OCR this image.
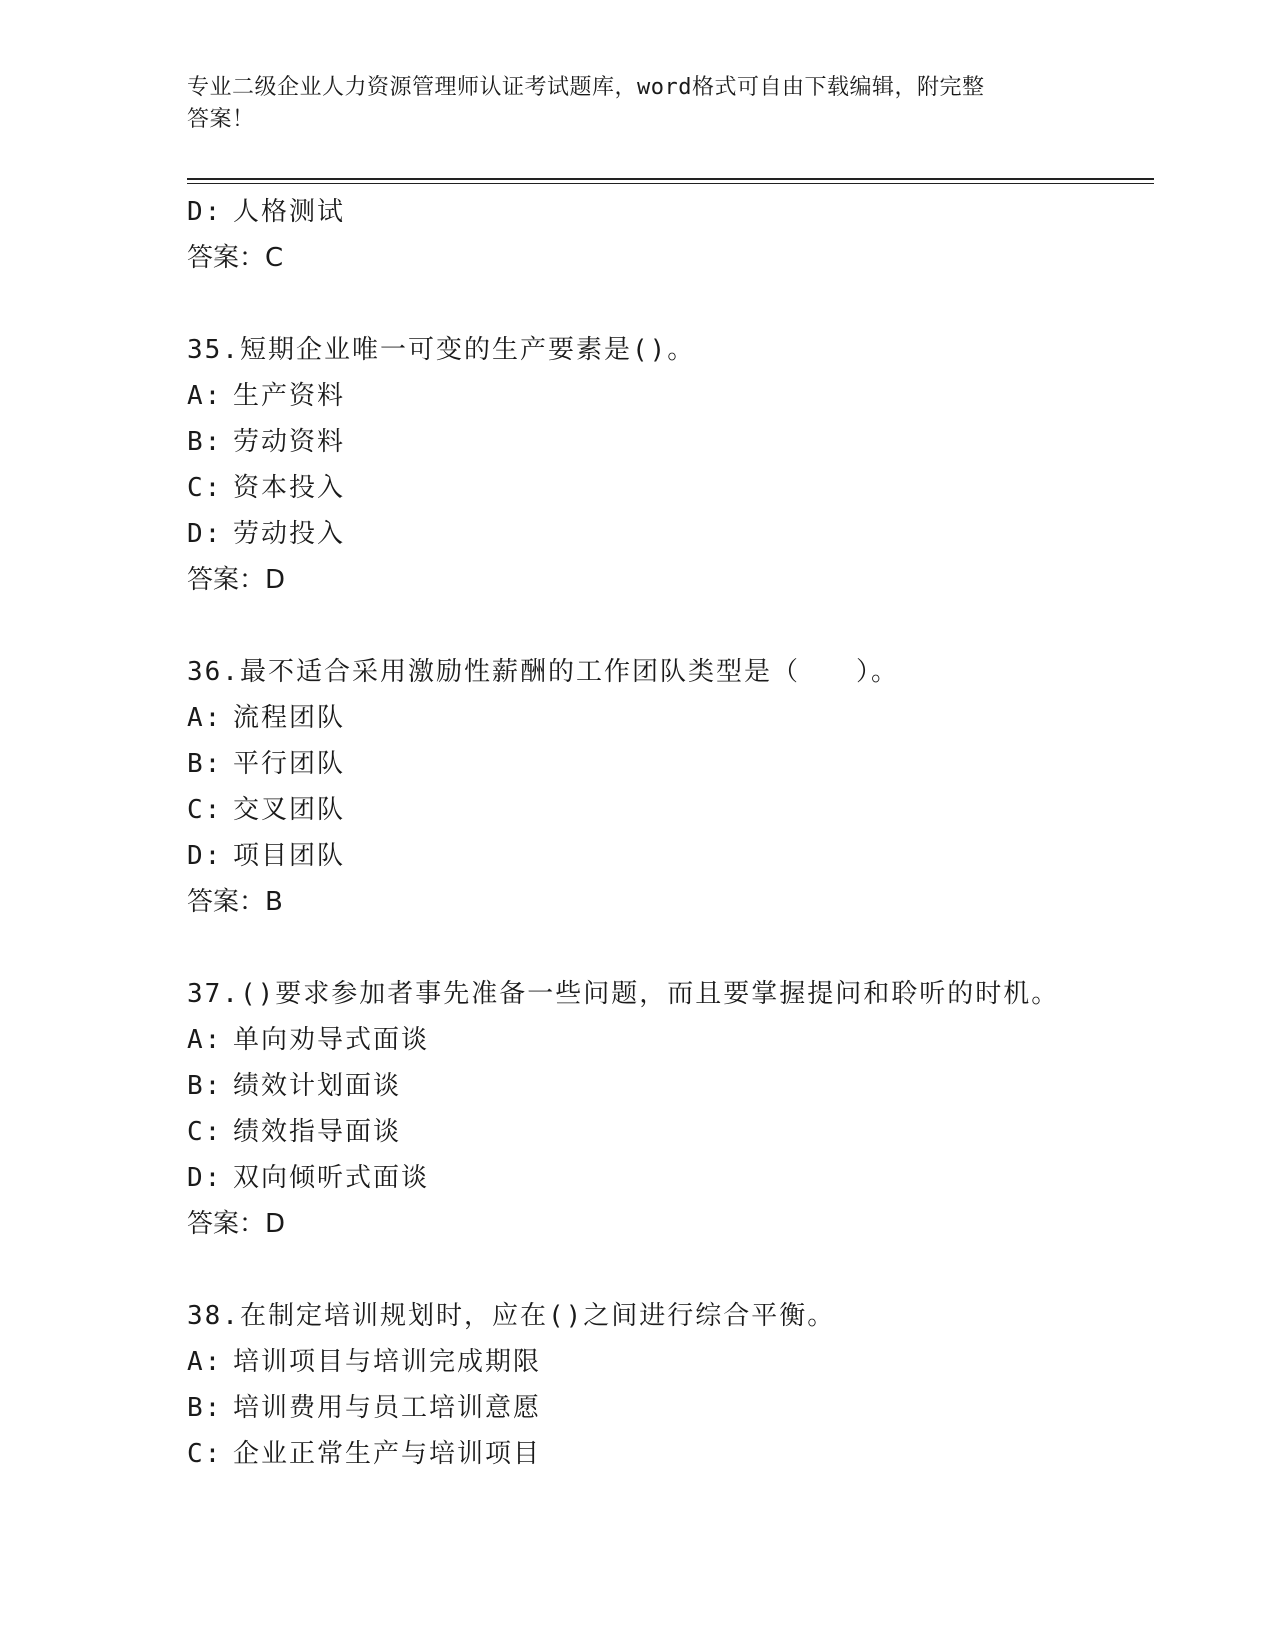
专业二级企业人力资源管理师认证考试题库，word格式可自由下载编辑，附完整
答案！
D: 人格测试
答案：C
35.短期企业唯一可变的生产要素是()。
A: 生产资料
B: 劳动资料
C: 资本投入
D: 劳动投入
答案：D
36.最不适合采用激励性薪酬的工作团队类型是（　　）。
A: 流程团队
B: 平行团队
C: 交叉团队
D: 项目团队
答案：B
37.()要求参加者事先准备一些问题，而且要掌握提问和聆听的时机。
A: 单向劝导式面谈
B: 绩效计划面谈
C: 绩效指导面谈
D: 双向倾听式面谈
答案：D
38.在制定培训规划时，应在()之间进行综合平衡。
A: 培训项目与培训完成期限
B: 培训费用与员工培训意愿
C: 企业正常生产与培训项目
